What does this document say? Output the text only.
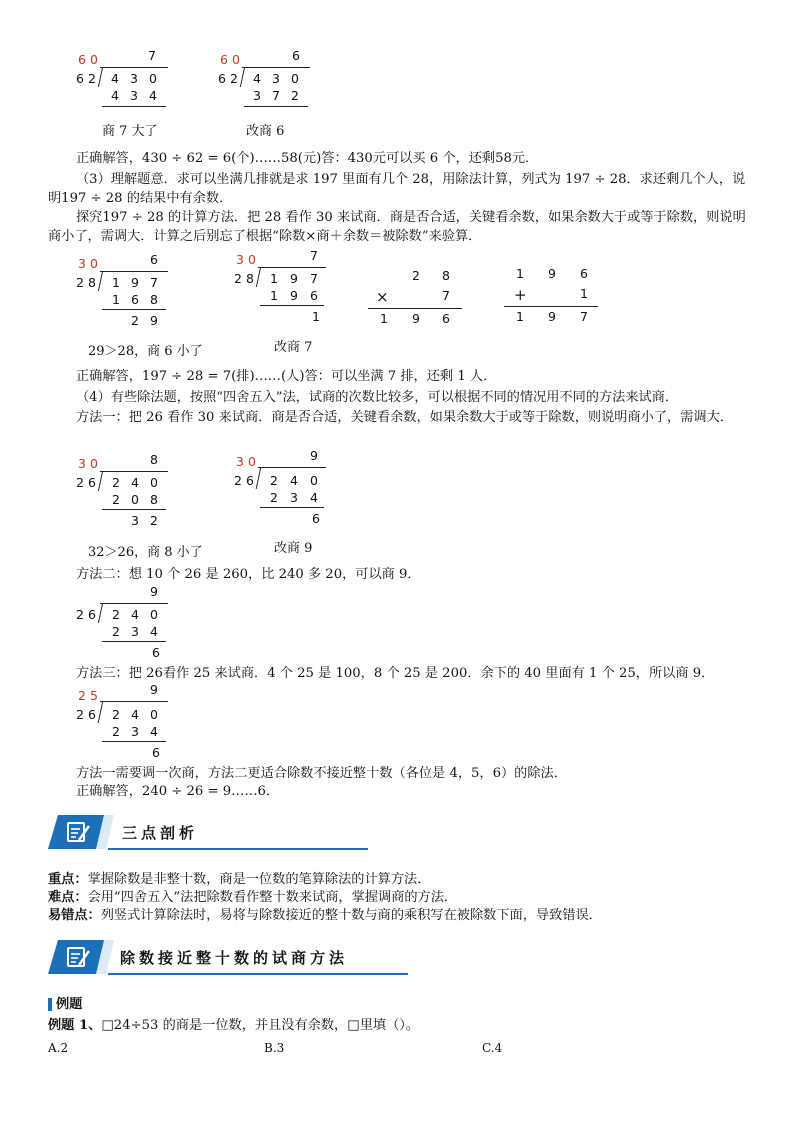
60	7
62 4 3 0
4 3 4
商 7 大了
60	6
62 4 3 0
3 7 2
改商 6
正确解答，430 ÷ 62 = 6(个)……58(元)答：430元可以买 6 个，还剩58元．
（3）理解题意．求可以坐满几排就是求 197 里面有几个 28，用除法计算，列式为 197 ÷ 28．求还剩几个人，说明197 ÷ 28 的结果中有余数．
探究197 ÷ 28 的计算方法．把 28 看作 30 来试商．商是否合适，关键看余数，如果余数大于或等于除数，则说明商小了，需调大．计算之后别忘了根据“除数×商＋余数＝被除数”来验算．
30	6
28 1 9 7
1 6 8
2 9
29＞28，商 6 小了
30	7
28 1 9 7
1 9 6
1
改商 7
2 8
×	7
1 9 6
1 9 6
+	1
1 9 7
正确解答，197 ÷ 28 = 7(排)……(人)答：可以坐满 7 排，还剩 1 人．
（4）有些除法题，按照“四舍五入”法，试商的次数比较多，可以根据不同的情况用不同的方法来试商．
方法一：把 26 看作 30 来试商．商是否合适，关键看余数，如果余数大于或等于除数，则说明商小了，需调大．
30	8
26 2 4 0
2 0 8
3 2
32＞26，商 8 小了
30	9
26 2 4 0
2 3 4
6
改商 9
方法二：想 10 个 26 是 260，比 240 多 20，可以商 9．
9
26 2 4 0
2 3 4
6
方法三：把 26看作 25 来试商．4 个 25 是 100，8 个 25 是 200．余下的 40 里面有 1 个 25，所以商 9．
25	9
26 2 4 0
2 3 4
6
方法一需要调一次商，方法二更适合除数不接近整十数（各位是 4，5，6）的除法．
正确解答，240 ÷ 26 = 9……6．
三点剖析
重点：掌握除数是非整十数，商是一位数的笔算除法的计算方法．
难点：会用“四舍五入”法把除数看作整十数来试商，掌握调商的方法．
易错点：列竖式计算除法时，易将与除数接近的整十数与商的乘积写在被除数下面，导致错误．
除数接近整十数的试商方法
例题
例题 1、□24÷53 的商是一位数，并且没有余数，□里填（）。
A.2	B.3	C.4
